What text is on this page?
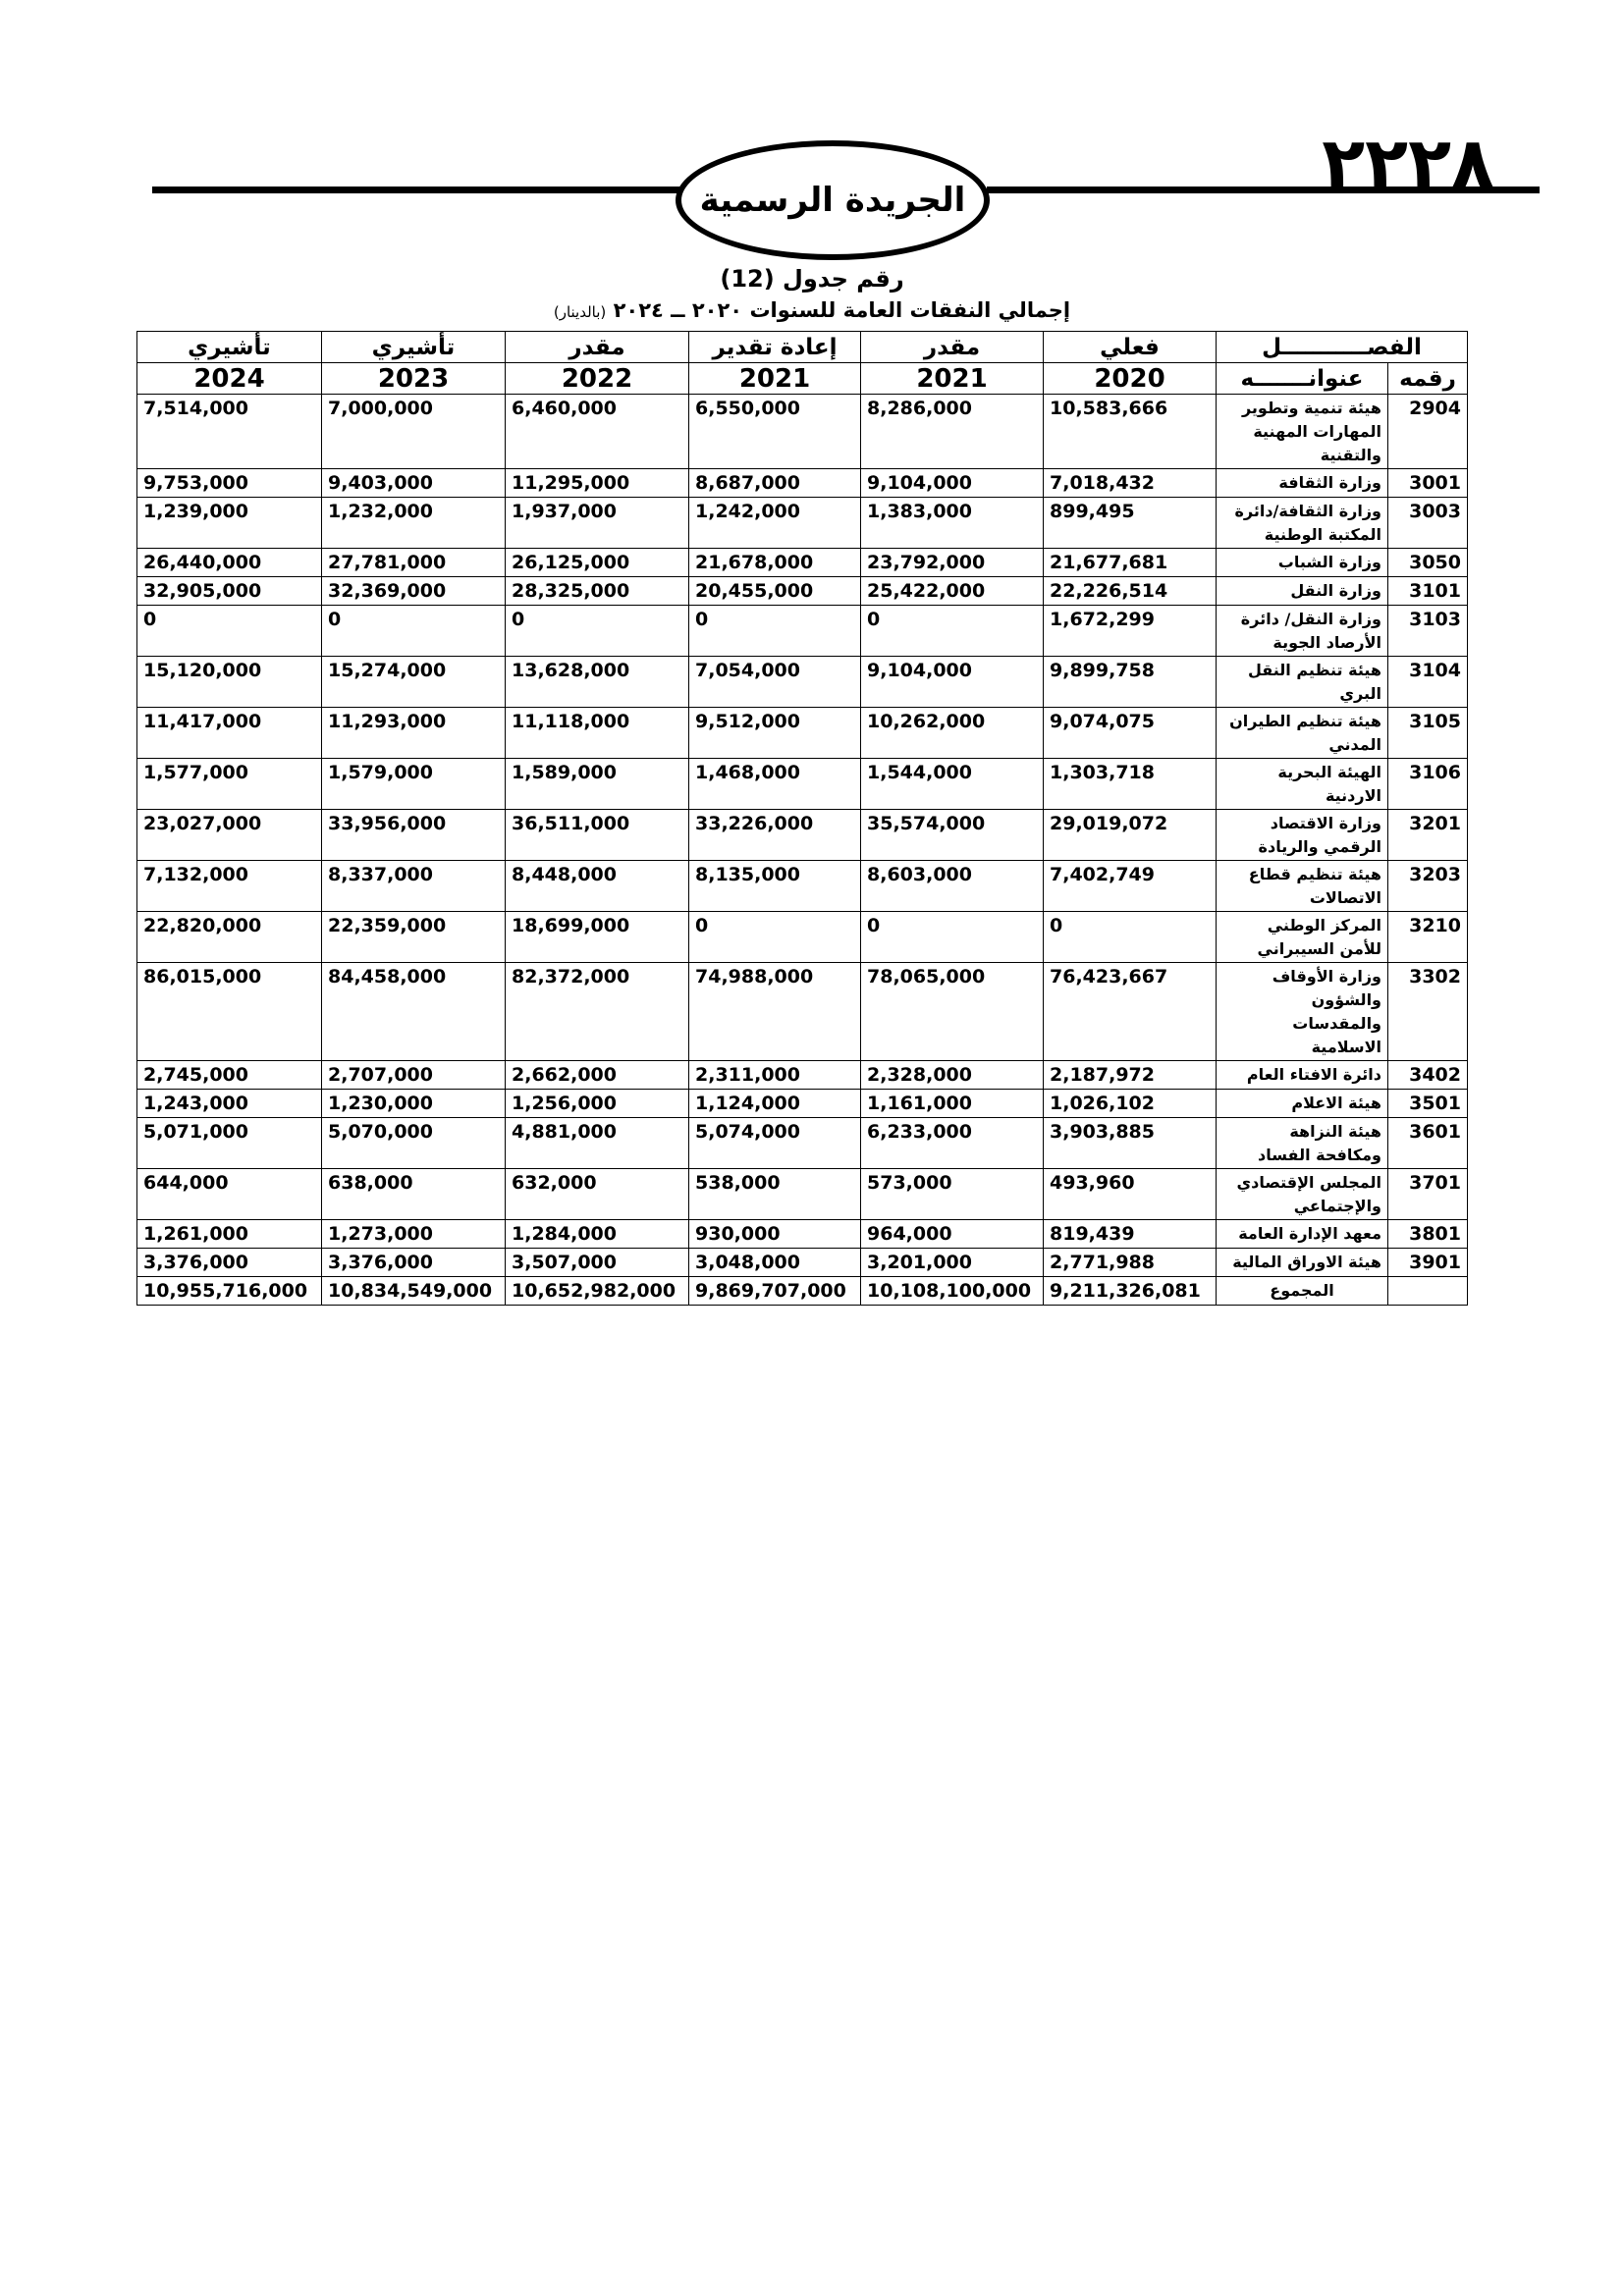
الجريدة الرسمية	٢٢٢٨
رقم جدول (12)
إجمالي النفقات العامة للسنوات ٢٠٢٠ ــ ٢٠٢٤ (بالدينار)
الفصـــــــــــل		فعلي	مقدر	إعادة تقدير	مقدر	تأشيري	تأشيري
رقمه	عنوانـــــــه	2020	2021	2021	2022	2023	2024
2904	هيئة تنمية وتطوير المهارات المهنية والتقنية	10,583,666	8,286,000	6,550,000	6,460,000	7,000,000	7,514,000
3001	وزارة الثقافة	7,018,432	9,104,000	8,687,000	11,295,000	9,403,000	9,753,000
3003	وزارة الثقافة/دائرة المكتبة الوطنية	899,495	1,383,000	1,242,000	1,937,000	1,232,000	1,239,000
3050	وزارة الشباب	21,677,681	23,792,000	21,678,000	26,125,000	27,781,000	26,440,000
3101	وزارة النقل	22,226,514	25,422,000	20,455,000	28,325,000	32,369,000	32,905,000
3103	وزارة النقل/ دائرة الأرصاد الجوية	1,672,299	0	0	0	0	0
3104	هيئة تنظيم النقل البري	9,899,758	9,104,000	7,054,000	13,628,000	15,274,000	15,120,000
3105	هيئة تنظيم الطيران المدني	9,074,075	10,262,000	9,512,000	11,118,000	11,293,000	11,417,000
3106	الهيئة البحرية الاردنية	1,303,718	1,544,000	1,468,000	1,589,000	1,579,000	1,577,000
3201	وزارة الاقتصاد الرقمي والريادة	29,019,072	35,574,000	33,226,000	36,511,000	33,956,000	23,027,000
3203	هيئة تنظيم قطاع الاتصالات	7,402,749	8,603,000	8,135,000	8,448,000	8,337,000	7,132,000
3210	المركز الوطني للأمن السيبراني	0	0	0	18,699,000	22,359,000	22,820,000
3302	وزارة الأوقاف والشؤون والمقدسات الاسلامية	76,423,667	78,065,000	74,988,000	82,372,000	84,458,000	86,015,000
3402	دائرة الافتاء العام	2,187,972	2,328,000	2,311,000	2,662,000	2,707,000	2,745,000
3501	هيئة الاعلام	1,026,102	1,161,000	1,124,000	1,256,000	1,230,000	1,243,000
3601	هيئة النزاهة ومكافحة الفساد	3,903,885	6,233,000	5,074,000	4,881,000	5,070,000	5,071,000
3701	المجلس الإقتصادي والإجتماعي	493,960	573,000	538,000	632,000	638,000	644,000
3801	معهد الإدارة العامة	819,439	964,000	930,000	1,284,000	1,273,000	1,261,000
3901	هيئة الاوراق المالية	2,771,988	3,201,000	3,048,000	3,507,000	3,376,000	3,376,000
	المجموع	9,211,326,081	10,108,100,000	9,869,707,000	10,652,982,000	10,834,549,000	10,955,716,000
